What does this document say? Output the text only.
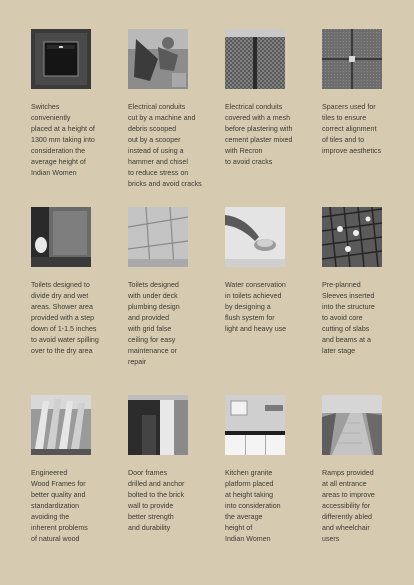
Switches
conveniently
placed at a height of
1300 mm taking into
consideration the
average height of
Indian Women
Electrical conduits
cut by a machine and
debris scooped
out by a scooper
instead of using a
hammer and chisel
to reduce stress on
bricks and avoid cracks
Electrical conduits
covered with a mesh
before plastering with
cement plaster mixed
with Recron
to avoid cracks
Spacers used for
tiles to ensure
correct alignment
of tiles and to
improve aesthetics
Toilets designed to
divide dry and wet
areas. Shower area
provided with a step
down of 1-1.5 inches
to avoid water spilling
over to the dry area
Toilets designed
with under deck
plumbing design
and provided
with grid false
ceiling for easy
maintenance or
repair
Water conservation
in toilets achieved
by designing a
flush system for
light and heavy use
Pre-planned
Sleeves inserted
into the structure
to avoid core
cutting of slabs
and beams at a
later stage
Engineered
Wood Frames for
better quality and
standardization
avoiding the
inherent problems
of natural wood
Door frames
drilled and anchor
bolted to the brick
wall to provide
better strength
and durability
Kitchen granite
platform placed
at height taking
into consideration
the average
height of
Indian Women
Ramps provided
at all entrance
areas to improve
accessibility for
differently abled
and wheelchair
users
